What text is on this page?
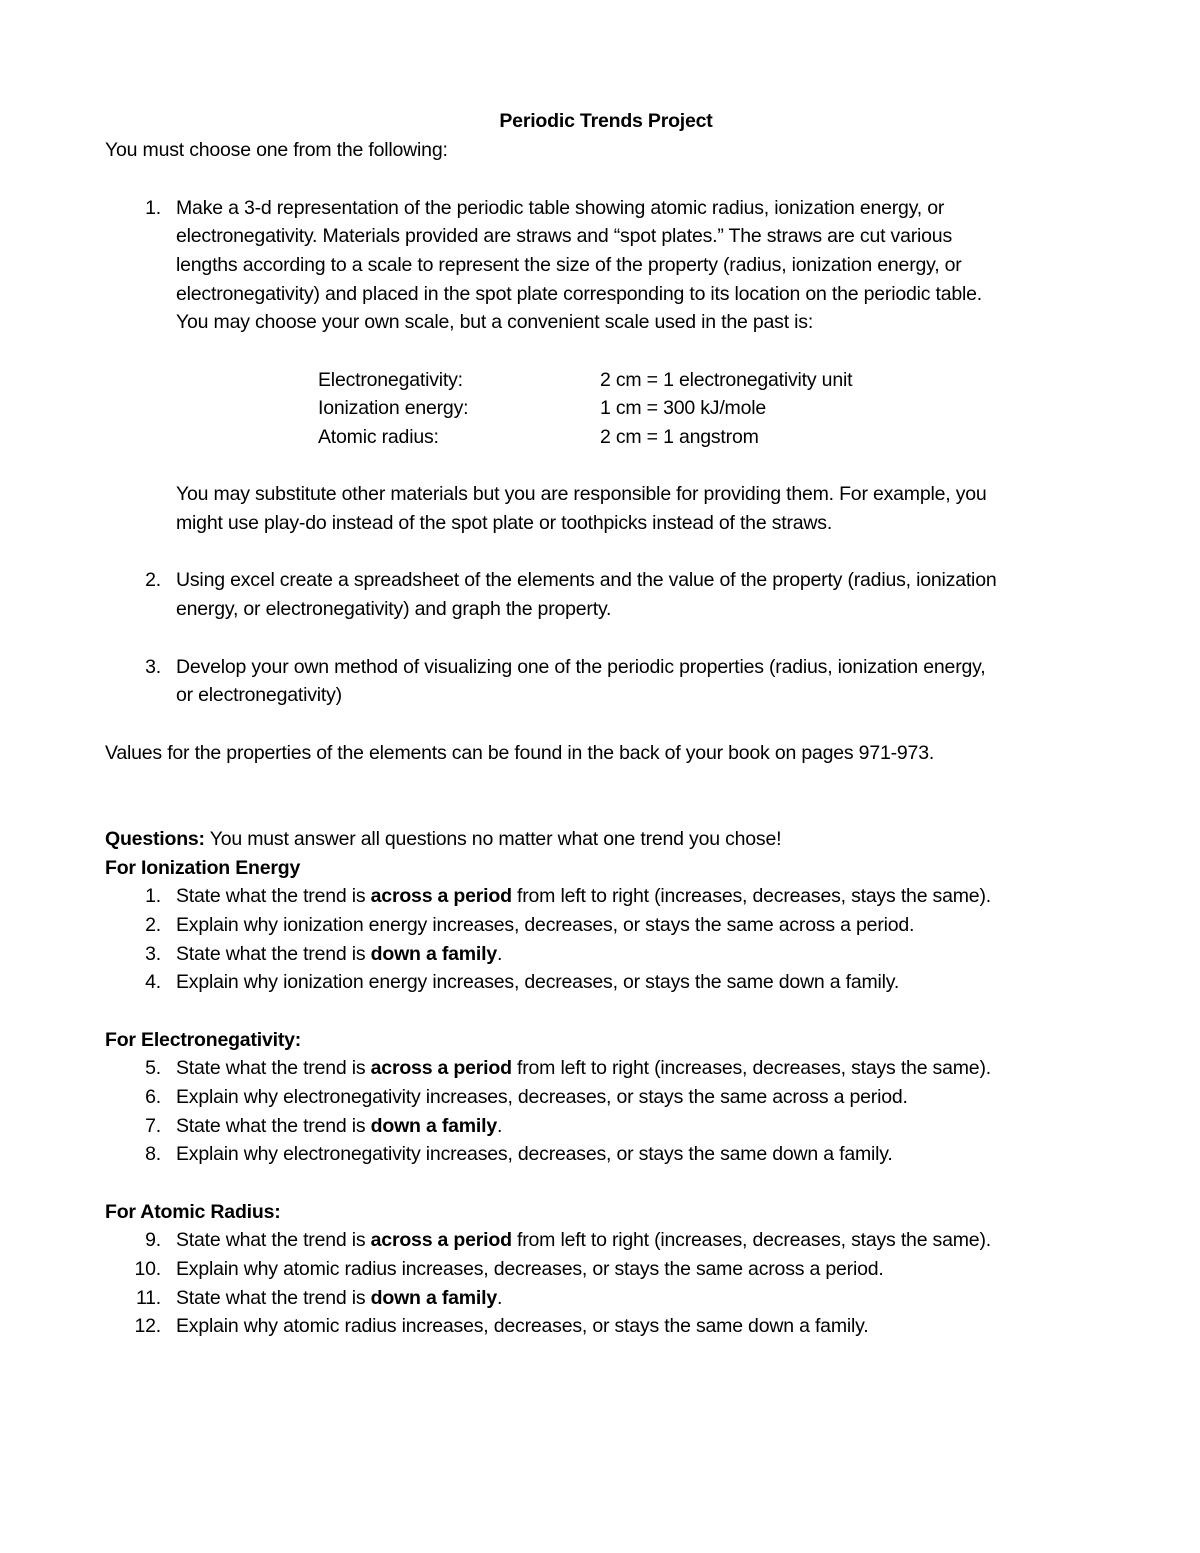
Periodic Trends Project
You must choose one from the following:
1. Make a 3-d representation of the periodic table showing atomic radius, ionization energy, or
electronegativity. Materials provided are straws and “spot plates.” The straws are cut various
lengths according to a scale to represent the size of the property (radius, ionization energy, or
electronegativity) and placed in the spot plate corresponding to its location on the periodic table.
You may choose your own scale, but a convenient scale used in the past is:
Electronegativity:	2 cm = 1 electronegativity unit
Ionization energy:	1 cm = 300 kJ/mole
Atomic radius:	2 cm = 1 angstrom
You may substitute other materials but you are responsible for providing them. For example, you
might use play-do instead of the spot plate or toothpicks instead of the straws.
2. Using excel create a spreadsheet of the elements and the value of the property (radius, ionization
energy, or electronegativity) and graph the property.
3. Develop your own method of visualizing one of the periodic properties (radius, ionization energy,
or electronegativity)
Values for the properties of the elements can be found in the back of your book on pages 971-973.
Questions: You must answer all questions no matter what one trend you chose!
For Ionization Energy
1. State what the trend is across a period from left to right (increases, decreases, stays the same).
2. Explain why ionization energy increases, decreases, or stays the same across a period.
3. State what the trend is down a family.
4. Explain why ionization energy increases, decreases, or stays the same down a family.
For Electronegativity:
5. State what the trend is across a period from left to right (increases, decreases, stays the same).
6. Explain why electronegativity increases, decreases, or stays the same across a period.
7. State what the trend is down a family.
8. Explain why electronegativity increases, decreases, or stays the same down a family.
For Atomic Radius:
9. State what the trend is across a period from left to right (increases, decreases, stays the same).
10. Explain why atomic radius increases, decreases, or stays the same across a period.
11. State what the trend is down a family.
12. Explain why atomic radius increases, decreases, or stays the same down a family.
